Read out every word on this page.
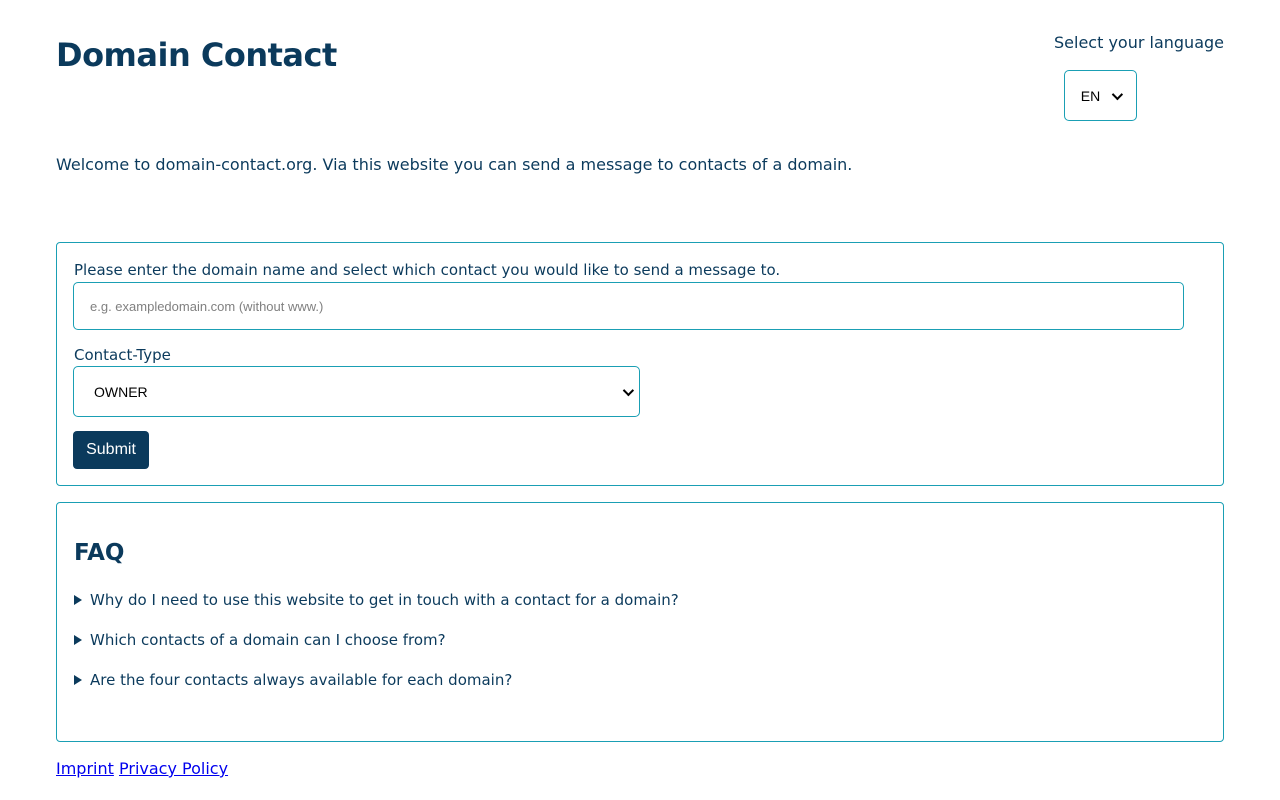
Domain Contact	Select your language
EN

Welcome to domain-contact.org. Via this website you can send a message to contacts of a domain.

Please enter the domain name and select which contact you would like to send a message to.
e.g. exampledomain.com (without www.)
Contact-Type
OWNER
Submit
FAQ
Why do I need to use this website to get in touch with a contact for a domain?
Which contacts of a domain can I choose from?
Are the four contacts always available for each domain?
Imprint Privacy Policy
